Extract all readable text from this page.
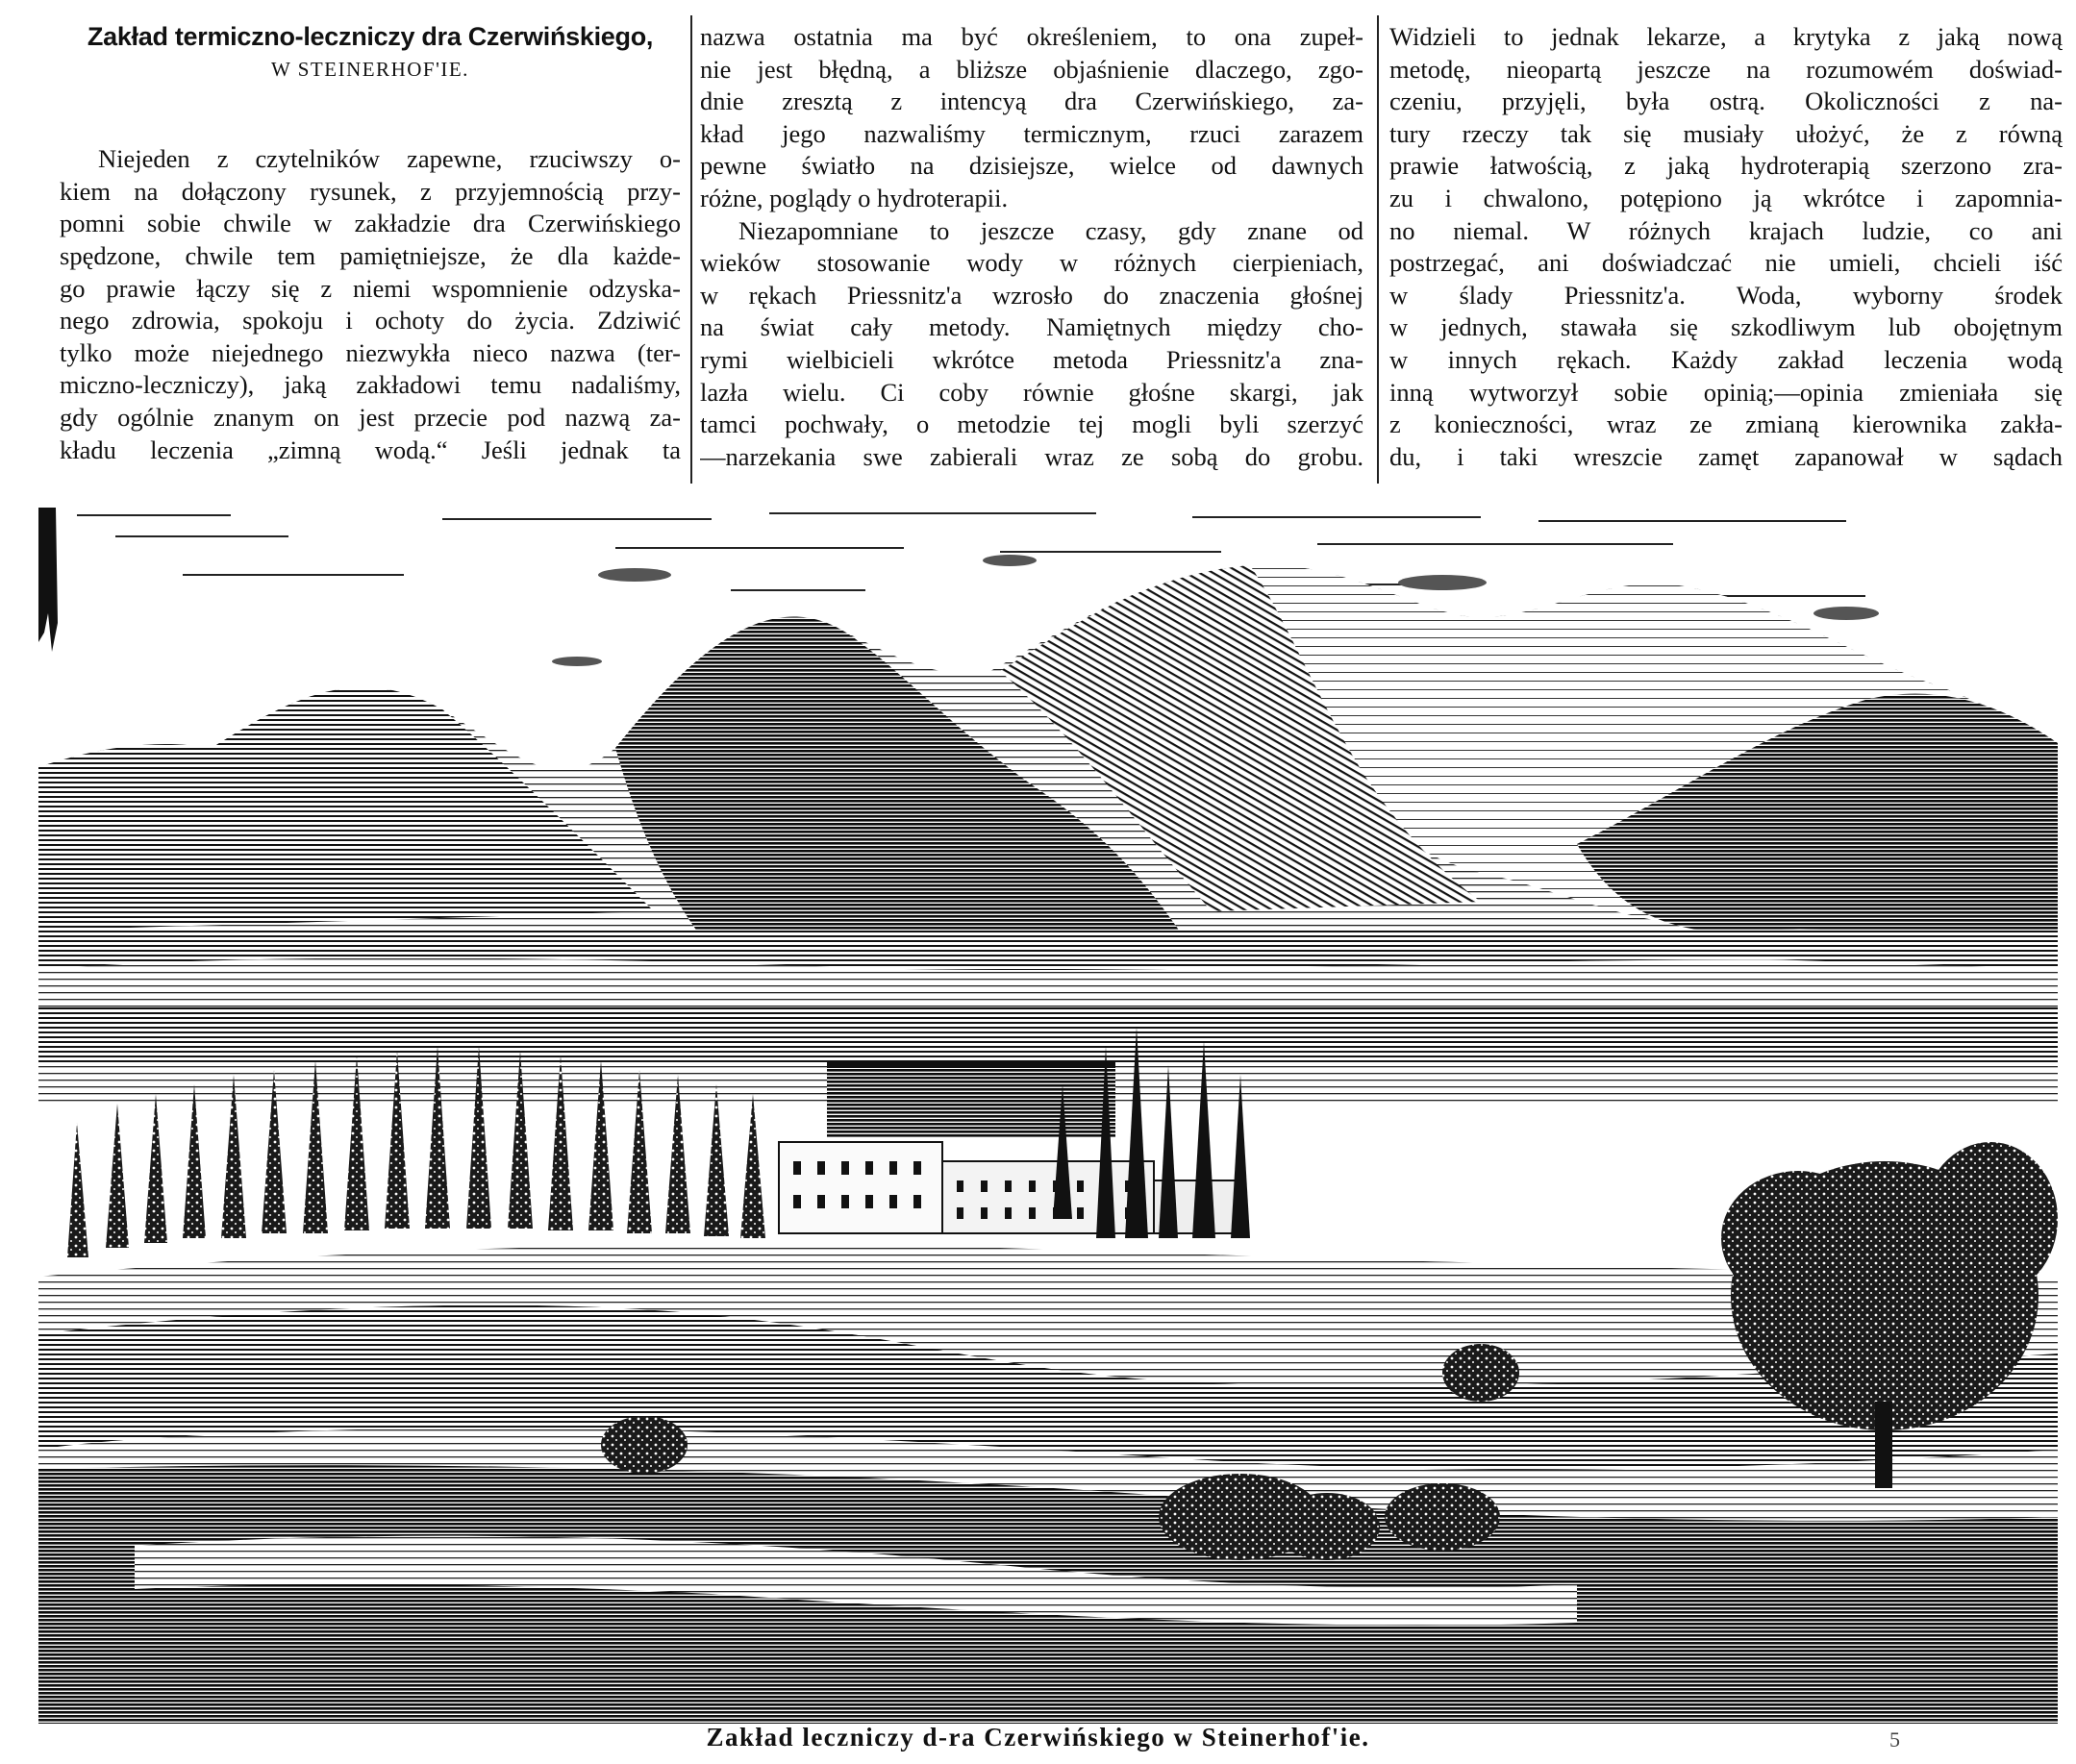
Zakład termiczno-leczniczy dra Czerwińskiego,
W STEINERHOF'IE.
Niejeden z czytelników zapewne, rzuciwszy o-
kiem na dołączony rysunek, z przyjemnością przy-
pomni sobie chwile w zakładzie dra Czerwińskiego
spędzone, chwile tem pamiętniejsze, że dla każde-
go prawie łączy się z niemi wspomnienie odzyska-
nego zdrowia, spokoju i ochoty do życia. Zdziwić
tylko może niejednego niezwykła nieco nazwa (ter-
miczno-leczniczy), jaką zakładowi temu nadaliśmy,
gdy ogólnie znanym on jest przecie pod nazwą za-
kładu leczenia „zimną wodą.“ Jeśli jednak ta
nazwa ostatnia ma być określeniem, to ona zupeł-
nie jest błędną, a bliższe objaśnienie dlaczego, zgo-
dnie zresztą z intencyą dra Czerwińskiego, za-
kład jego nazwaliśmy termicznym, rzuci zarazem
pewne światło na dzisiejsze, wielce od dawnych
różne, poglądy o hydroterapii.
Niezapomniane to jeszcze czasy, gdy znane od
wieków stosowanie wody w różnych cierpieniach,
w rękach Priessnitz'a wzrosło do znaczenia głośnej
na świat cały metody. Namiętnych między cho-
rymi wielbicieli wkrótce metoda Priessnitz'a zna-
lazła wielu. Ci coby równie głośne skargi, jak
tamci pochwały, o metodzie tej mogli byli szerzyć
—narzekania swe zabierali wraz ze sobą do grobu.
Widzieli to jednak lekarze, a krytyka z jaką nową
metodę, nieopartą jeszcze na rozumowém doświad-
czeniu, przyjęli, była ostrą. Okoliczności z na-
tury rzeczy tak się musiały ułożyć, że z równą
prawie łatwością, z jaką hydroterapią szerzono zra-
zu i chwalono, potępiono ją wkrótce i zapomnia-
no niemal. W różnych krajach ludzie, co ani
postrzegać, ani doświadczać nie umieli, chcieli iść
w ślady Priessnitz'a. Woda, wyborny środek
w jednych, stawała się szkodliwym lub obojętnym
w innych rękach. Każdy zakład leczenia wodą
inną wytworzył sobie opinią;—opinia zmieniała się
z konieczności, wraz ze zmianą kierownika zakła-
du, i taki wreszcie zamęt zapanował w sądach
Zakład leczniczy d-ra Czerwińskiego w Steinerhof'ie.	5
